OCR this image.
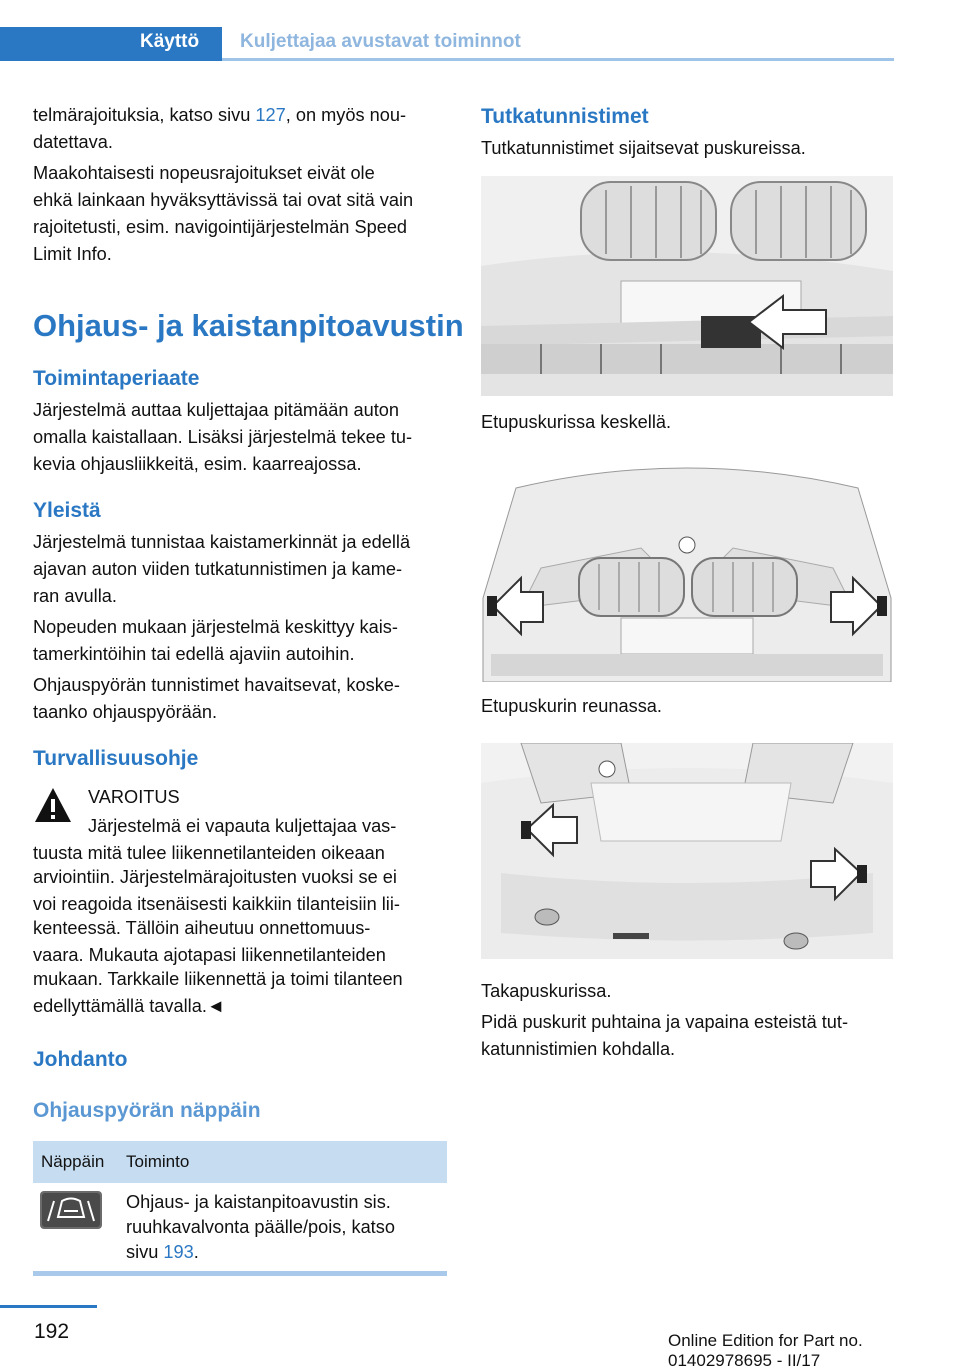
Käyttö	Kuljettajaa avustavat toiminnot

telmärajoituksia, katso sivu 127, on myös nou-

datettava.

Maakohtaisesti nopeusrajoitukset eivät ole

ehkä lainkaan hyväksyttävissä tai ovat sitä vain

rajoitetusti, esim. navigointijärjestelmän Speed

Limit Info.

Ohjaus- ja kaistanpitoavustin
Toimintaperiaate

Järjestelmä auttaa kuljettajaa pitämään auton

omalla kaistallaan. Lisäksi järjestelmä tekee tu-

kevia ohjausliikkeitä, esim. kaarreajossa.

Yleistä

Järjestelmä tunnistaa kaistamerkinnät ja edellä

ajavan auton viiden tutkatunnistimen ja kame-

ran avulla.

Nopeuden mukaan järjestelmä keskittyy kais-

tamerkintöihin tai edellä ajaviin autoihin.

Ohjauspyörän tunnistimet havaitsevat, koske-

taanko ohjauspyörään.

Turvallisuusohje

VAROITUS

Järjestelmä ei vapauta kuljettajaa vas-

tuusta mitä tulee liikennetilanteiden oikeaan

arviointiin. Järjestelmärajoitusten vuoksi se ei

voi reagoida itsenäisesti kaikkiin tilanteisiin lii-

kenteessä. Tällöin aiheutuu onnettomuus-

vaara. Mukauta ajotapasi liikennetilanteiden

mukaan. Tarkkaile liikennettä ja toimi tilanteen

edellyttämällä tavalla.◄

Johdanto
Ohjauspyörän näppäin
Näppäin Toiminto

Ohjaus- ja kaistanpitoavustin sis.

ruuhkavalvonta päälle/pois, katso

sivu 193.

Tutkatunnistimet

Tutkatunnistimet sijaitsevat puskureissa.

Etupuskurissa keskellä.

Etupuskurin reunassa.

Takapuskurissa.

Pidä puskurit puhtaina ja vapaina esteistä tut-

katunnistimien kohdalla.

192	Online Edition for Part no. 01402978695 - II/17
